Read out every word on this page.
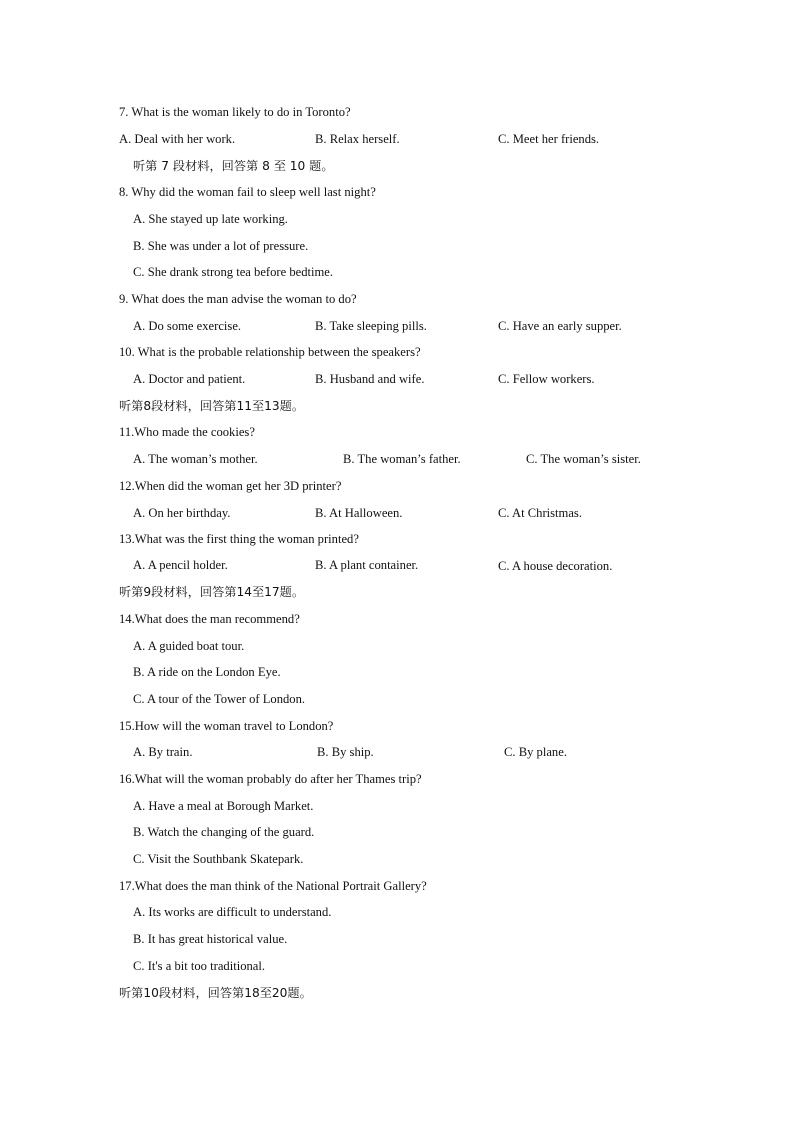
7. What is the woman likely to do in Toronto?
A. Deal with her work.	B. Relax herself.	C. Meet her friends.
听第 7 段材料，回答第 8 至 10 题。
8. Why did the woman fail to sleep well last night?
A. She stayed up late working.
B. She was under a lot of pressure.
C. She drank strong tea before bedtime.
9. What does the man advise the woman to do?
A. Do some exercise.	B. Take sleeping pills.	C. Have an early supper.
10. What is the probable relationship between the speakers?
A. Doctor and patient.	B. Husband and wife.	C. Fellow workers.
听第8段材料，回答第11至13题。
11.Who made the cookies?
A. The woman’s mother.	B. The woman’s father.	C. The woman’s sister.
12.When did the woman get her 3D printer?
A. On her birthday.	B. At Halloween.	C. At Christmas.
13.What was the first thing the woman printed?
A. A pencil holder.	B. A plant container.	C. A house decoration.
听第9段材料，回答第14至17题。
14.What does the man recommend?
A. A guided boat tour.
B. A ride on the London Eye.
C. A tour of the Tower of London.
15.How will the woman travel to London?
A. By train.	B. By ship.	C. By plane.
16.What will the woman probably do after her Thames trip?
A. Have a meal at Borough Market.
B. Watch the changing of the guard.
C. Visit the Southbank Skatepark.
17.What does the man think of the National Portrait Gallery?
A. Its works are difficult to understand.
B. It has great historical value.
C. It's a bit too traditional.
听第10段材料，回答第18至20题。
